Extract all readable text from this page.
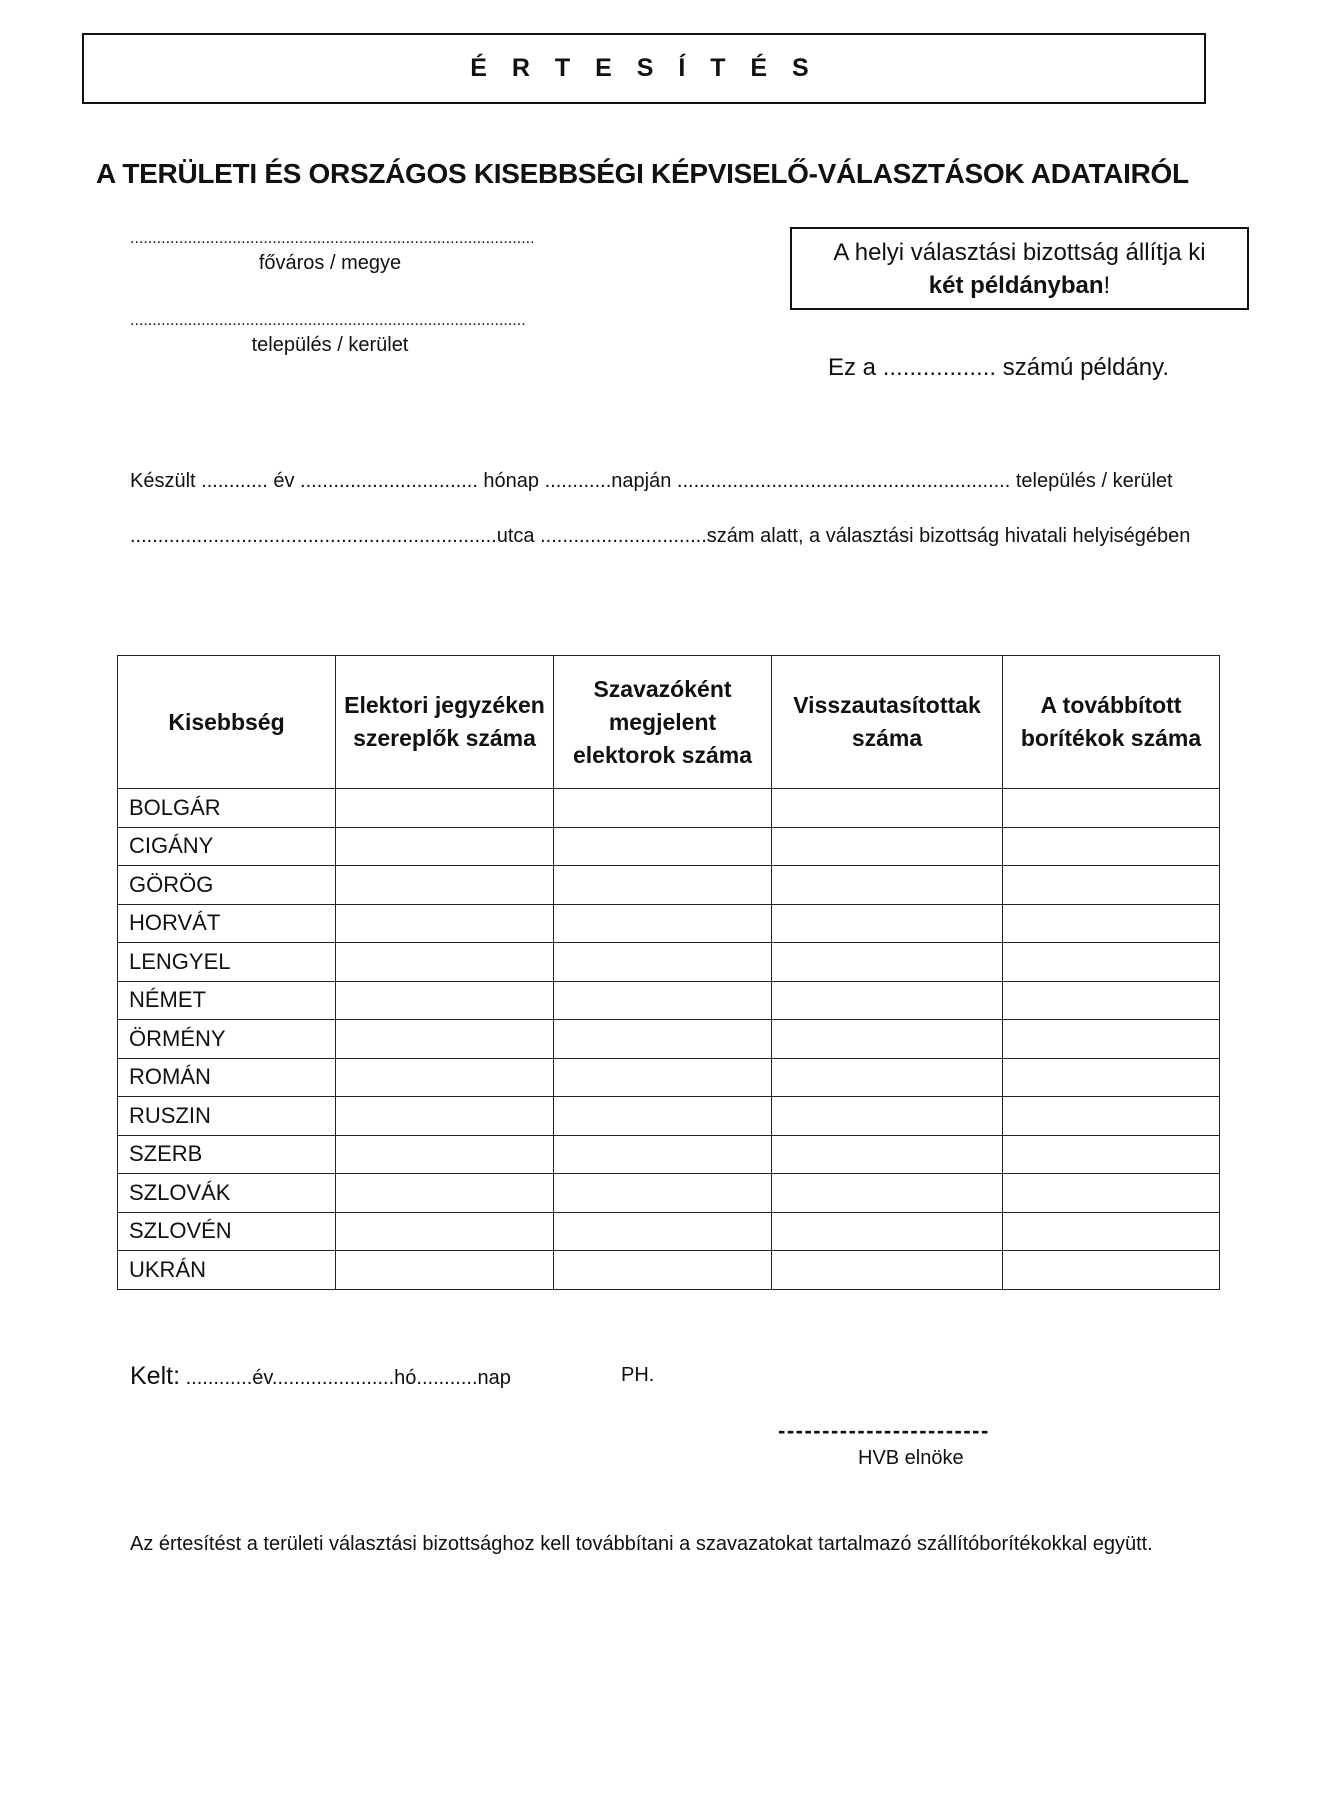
É R T E S Í T É S
A TERÜLETI ÉS ORSZÁGOS KISEBBSÉGI KÉPVISELŐ-VÁLASZTÁSOK ADATAIRÓL
...........................................................................................
főváros / megye
.........................................................................................
település / kerület
A helyi választási bizottság állítja ki
két példányban!
Ez a ................. számú példány.
Készült ............ év ................................ hónap ............napján ............................................................ település / kerület
..................................................................utca ..............................szám alatt, a választási bizottság hivatali helyiségében
Kisebbség	Elektori jegyzéken szereplők száma	Szavazóként megjelent elektorok száma	Visszautasítottak száma	A továbbított borítékok száma
BOLGÁR				
CIGÁNY				
GÖRÖG				
HORVÁT				
LENGYEL				
NÉMET				
ÖRMÉNY				
ROMÁN				
RUSZIN				
SZERB				
SZLOVÁK				
SZLOVÉN				
UKRÁN				
Kelt: ............év......................hó...........nap	PH.
------------------------
HVB elnöke
Az értesítést a területi választási bizottsághoz kell továbbítani a szavazatokat tartalmazó szállítóborítékokkal együtt.
